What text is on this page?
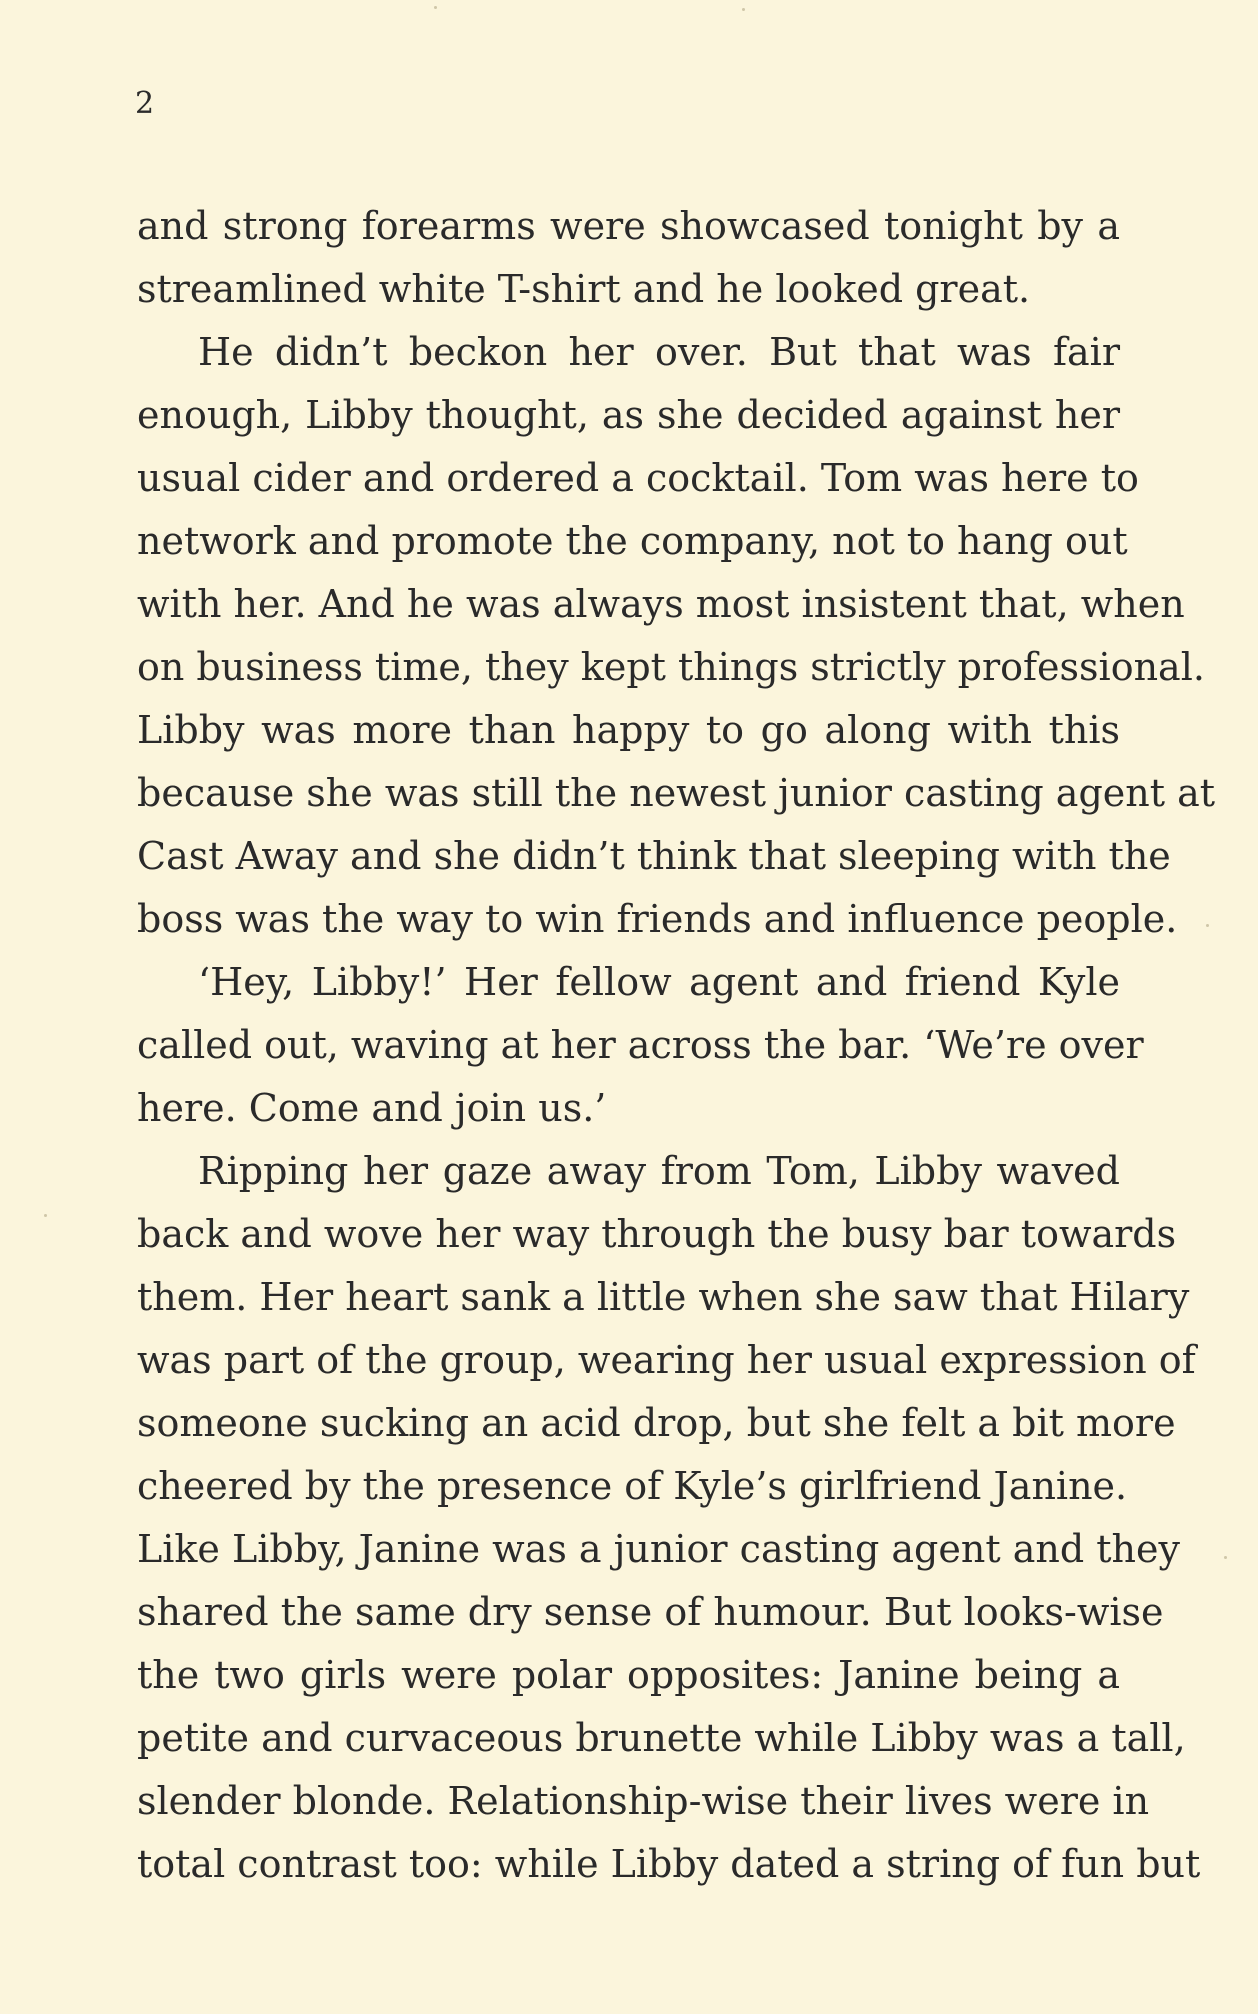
2
and strong forearms were showcased tonight by a
streamlined white T-shirt and he looked great.
He didn’t beckon her over. But that was fair
enough, Libby thought, as she decided against her
usual cider and ordered a cocktail. Tom was here to
network and promote the company, not to hang out
with her. And he was always most insistent that, when
on business time, they kept things strictly professional.
Libby was more than happy to go along with this
because she was still the newest junior casting agent at
Cast Away and she didn’t think that sleeping with the
boss was the way to win friends and influence people.
‘Hey, Libby!’ Her fellow agent and friend Kyle
called out, waving at her across the bar. ‘We’re over
here. Come and join us.’
Ripping her gaze away from Tom, Libby waved
back and wove her way through the busy bar towards
them. Her heart sank a little when she saw that Hilary
was part of the group, wearing her usual expression of
someone sucking an acid drop, but she felt a bit more
cheered by the presence of Kyle’s girlfriend Janine.
Like Libby, Janine was a junior casting agent and they
shared the same dry sense of humour. But looks-wise
the two girls were polar opposites: Janine being a
petite and curvaceous brunette while Libby was a tall,
slender blonde. Relationship-wise their lives were in
total contrast too: while Libby dated a string of fun but
